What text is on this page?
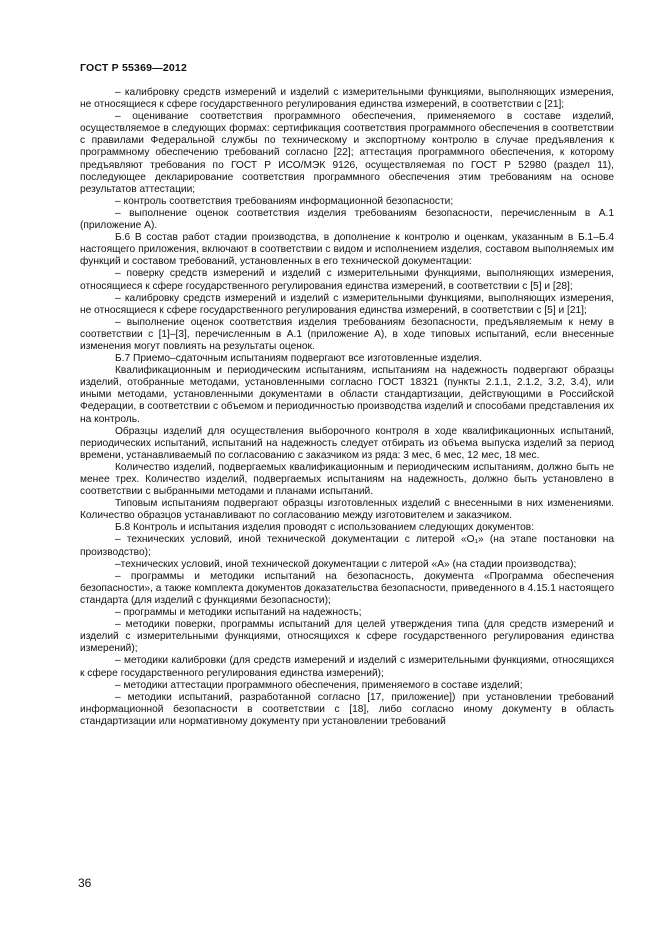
ГОСТ Р 55369—2012

– калибровку средств измерений и изделий с измерительными функциями, выполняющих измерения, не относящиеся к сфере государственного регулирования единства измерений, в соответствии с [21];

– оценивание соответствия программного обеспечения, применяемого в составе изделий, осуществляемое в следующих формах: сертификация соответствия программного обеспечения в соответствии с правилами Федеральной службы по техническому и экспортному контролю в случае предъявления к программному обеспечению требований согласно [22]; аттестация программного обеспечения, к которому предъявляют требования по ГОСТ Р ИСО/МЭК 9126, осуществляемая по ГОСТ Р 52980 (раздел 11), последующее декларирование соответствия программного обеспечения этим требованиям на основе результатов аттестации;

– контроль соответствия требованиям информационной безопасности;

– выполнение оценок соответствия изделия требованиям безопасности, перечисленным в А.1 (приложение А).

Б.6 В состав работ стадии производства, в дополнение к контролю и оценкам, указанным в Б.1–Б.4 настоящего приложения, включают в соответствии с видом и исполнением изделия, составом выполняемых им функций и составом требований, установленных в его технической документации:

– поверку средств измерений и изделий с измерительными функциями, выполняющих измерения, относящиеся к сфере государственного регулирования единства измерений, в соответствии с [5] и [28];

– калибровку средств измерений и изделий с измерительными функциями, выполняющих измерения, не относящиеся к сфере государственного регулирования единства измерений, в соответствии с [5] и [21];

– выполнение оценок соответствия изделия требованиям безопасности, предъявляемым к нему в соответствии с [1]–[3], перечисленным в А.1 (приложение А), в ходе типовых испытаний, если внесенные изменения могут повлиять на результаты оценок.

Б.7 Приемо–сдаточным испытаниям подвергают все изготовленные изделия.

Квалификационным и периодическим испытаниям, испытаниям на надежность подвергают образцы изделий, отобранные методами, установленными согласно ГОСТ 18321 (пункты 2.1.1, 2.1.2, 3.2, 3.4), или иными методами, установленными документами в области стандартизации, действующими в Российской Федерации, в соответствии с объемом и периодичностью производства изделий и способами представления их на контроль.

Образцы изделий для осуществления выборочного контроля в ходе квалификационных испытаний, периодических испытаний, испытаний на надежность следует отбирать из объема выпуска изделий за период времени, устанавливаемый по согласованию с заказчиком из ряда: 3 мес, 6 мес, 12 мес, 18 мес.

Количество изделий, подвергаемых квалификационным и периодическим испытаниям, должно быть не менее трех. Количество изделий, подвергаемых испытаниям на надежность, должно быть установлено в соответствии с выбранными методами и планами испытаний.

Типовым испытаниям подвергают образцы изготовленных изделий с внесенными в них изменениями. Количество образцов устанавливают по согласованию между изготовителем и заказчиком.

Б.8 Контроль и испытания изделия проводят с использованием следующих документов:

– технических условий, иной технической документации с литерой «О₁» (на этапе постановки на производство);

–технических условий, иной технической документации с литерой «А» (на стадии производства);

– программы и методики испытаний на безопасность, документа «Программа обеспечения безопасности», а также комплекта документов доказательства безопасности, приведенного в 4.15.1 настоящего стандарта (для изделий с функциями безопасности);

– программы и методики испытаний на надежность;

– методики поверки, программы испытаний для целей утверждения типа (для средств измерений и изделий с измерительными функциями, относящихся к сфере государственного регулирования единства измерений);

– методики калибровки (для средств измерений и изделий с измерительными функциями, относящихся к сфере государственного регулирования единства измерений);

– методики аттестации программного обеспечения, применяемого в составе изделий;

– методики испытаний, разработанной согласно [17, приложение]) при установлении требований информационной безопасности в соответствии с [18], либо согласно иному документу в область стандартизации или нормативному документу при установлении требований

36
